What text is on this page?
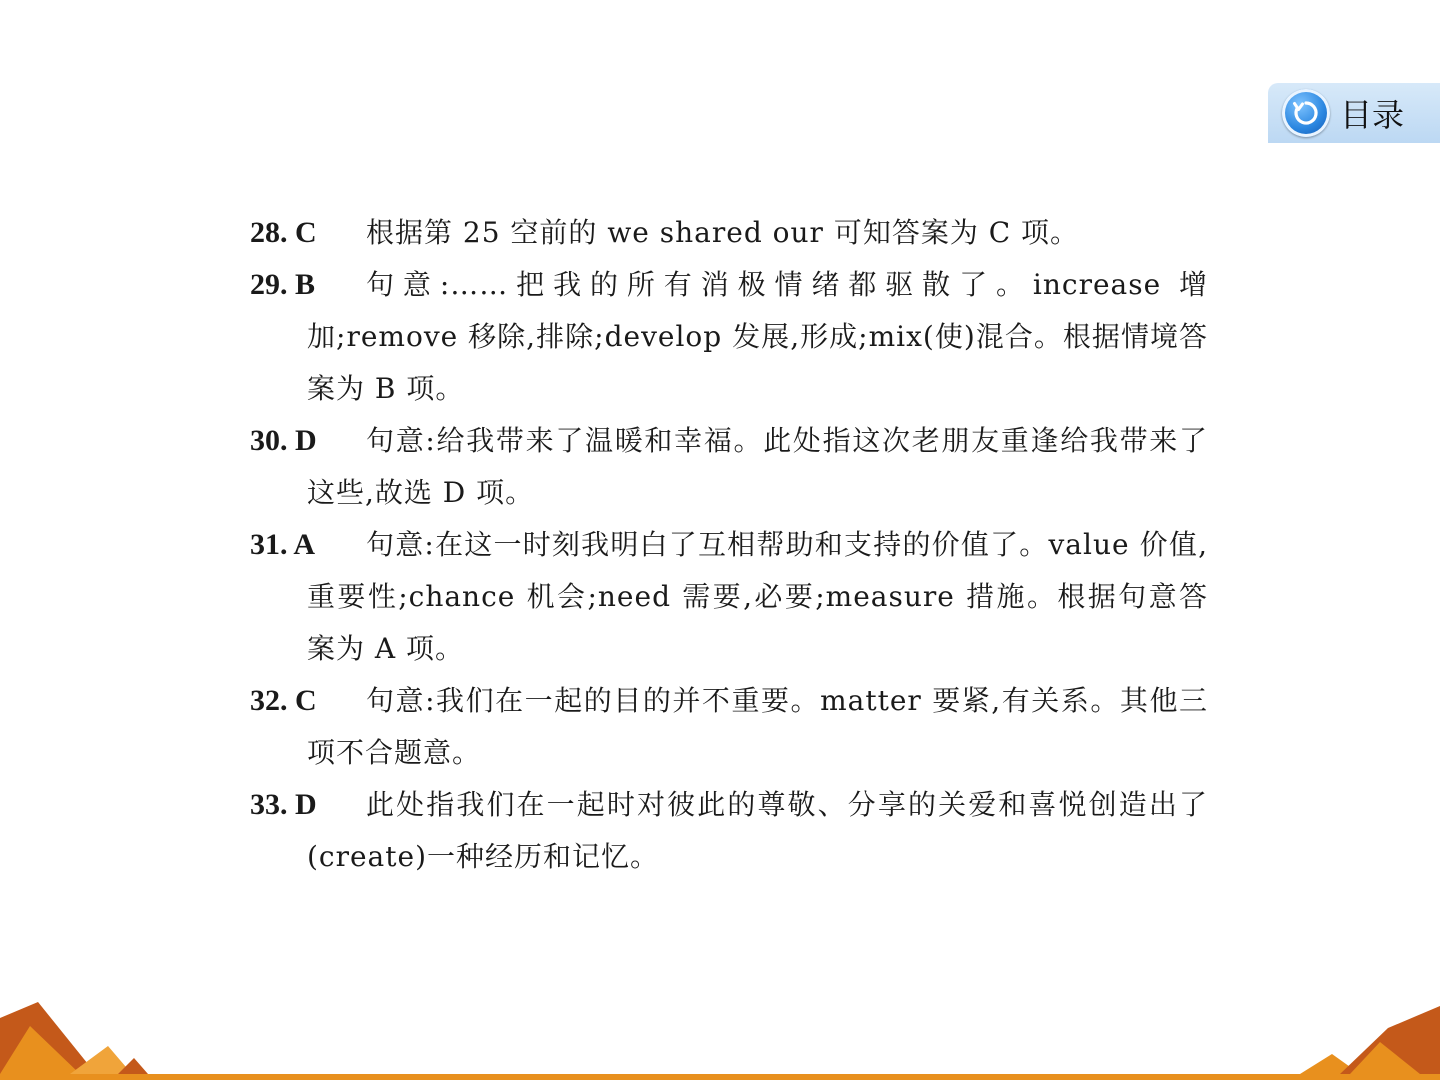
目录
28. C	根据第 25 空前的 we shared our 可知答案为 C 项。
29. B	句意:……把我的所有消极情绪都驱散了。increase 增加;remove 移除,排除;develop 发展,形成;mix(使)混合。根据情境答案为 B 项。
30. D	句意:给我带来了温暖和幸福。此处指这次老朋友重逢给我带来了这些,故选 D 项。
31. A	句意:在这一时刻我明白了互相帮助和支持的价值了。value 价值,重要性;chance 机会;need 需要,必要;measure 措施。根据句意答案为 A 项。
32. C	句意:我们在一起的目的并不重要。matter 要紧,有关系。其他三项不合题意。
33. D	此处指我们在一起时对彼此的尊敬、分享的关爱和喜悦创造出了(create)一种经历和记忆。
